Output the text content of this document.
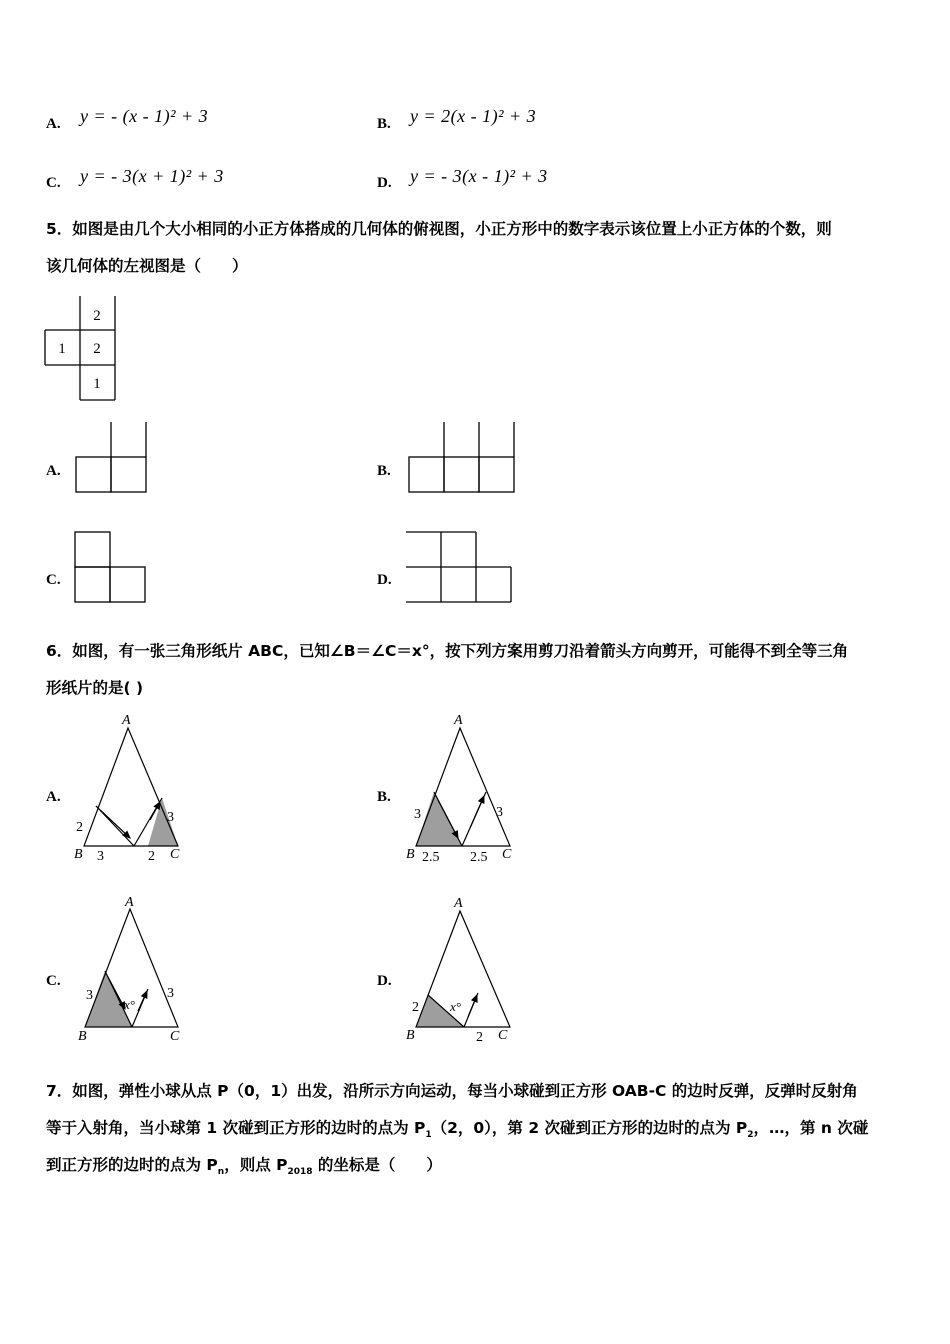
A. y = - (x - 1)² + 3	B. y = 2(x - 1)² + 3
C. y = - 3(x + 1)² + 3	D. y = - 3(x - 1)² + 3
5．如图是由几个大小相同的小正方体搭成的几何体的俯视图，小正方形中的数字表示该位置上小正方体的个数，则
该几何体的左视图是（　　）
2
1 2
1
A.	B.
C.	D.
6．如图，有一张三角形纸片 ABC，已知∠B＝∠C＝x°，按下列方案用剪刀沿着箭头方向剪开，可能得不到全等三角
形纸片的是( )
A.
A
B	C
2
3	2
3
B.
A
B	C
3
2.5 2.5
3
C.
A
B	C
3
x°
3
D.
A
B	C
2 x°
2
7．如图，弹性小球从点 P（0，1）出发，沿所示方向运动，每当小球碰到正方形 OAB-C 的边时反弹，反弹时反射角
等于入射角，当小球第 1 次碰到正方形的边时的点为 $P_1(2$，0），第 2 次碰到正方形的边时的点为 $P_2$，…，第 n 次碰
到正方形的边时的点为 $P_n$，则点 $P_{2018}$ 的坐标是（　　）
